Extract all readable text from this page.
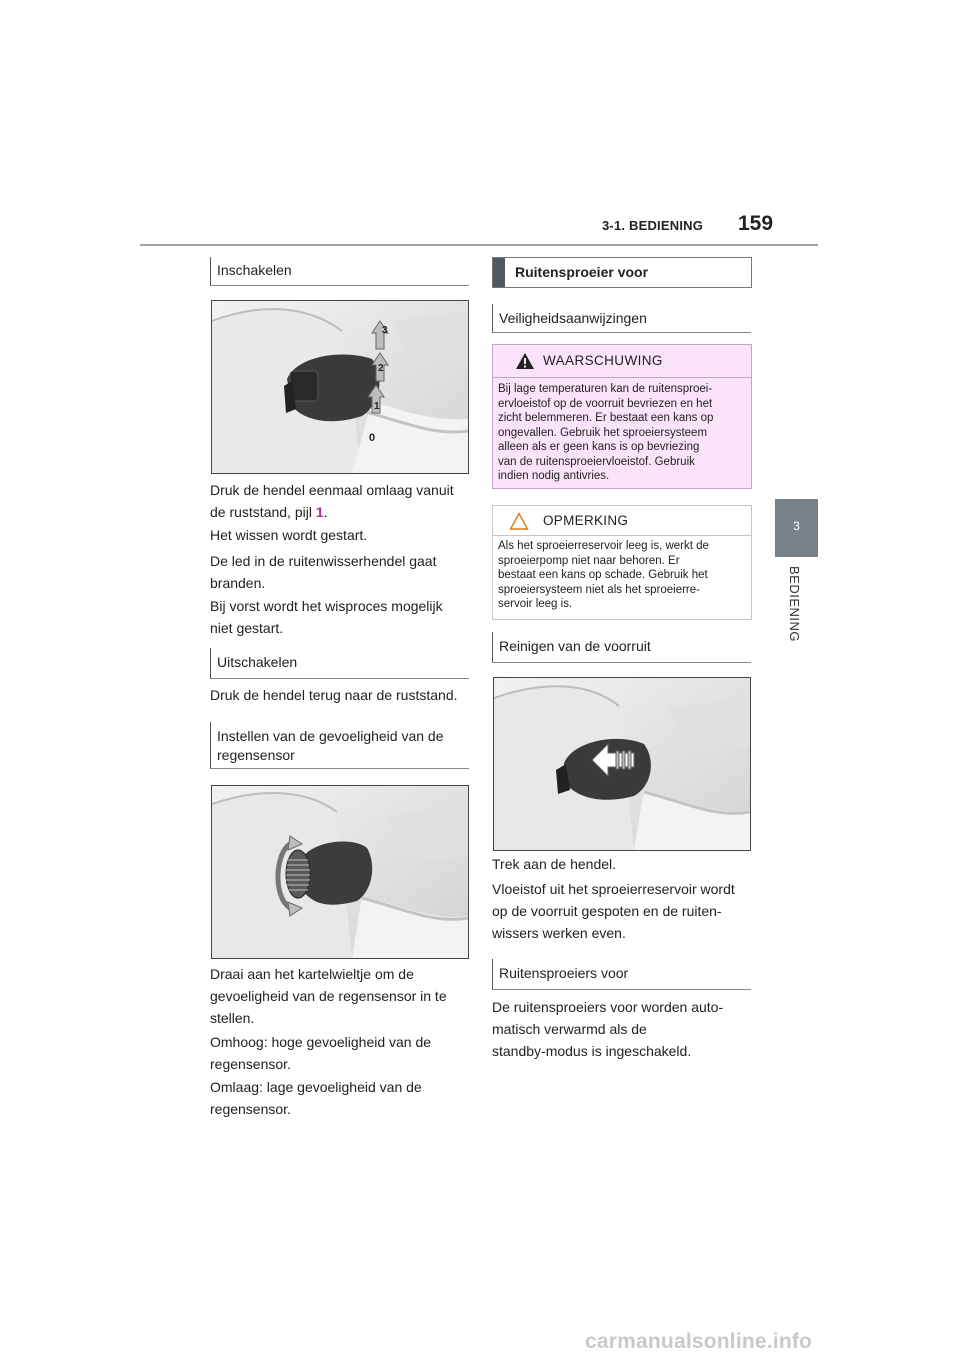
3-1. BEDIENING 159
3
BEDIENING
Inschakelen
3
2
1
0
Druk de hendel eenmaal omlaag vanuit
de ruststand, pijl 1.
Het wissen wordt gestart.
De led in de ruitenwisserhendel gaat
branden.
Bij vorst wordt het wisproces mogelijk
niet gestart.
Uitschakelen
Druk de hendel terug naar de ruststand.
Instellen van de gevoeligheid van de
regensensor
Draai aan het kartelwieltje om de
gevoeligheid van de regensensor in te
stellen.
Omhoog: hoge gevoeligheid van de
regensensor.
Omlaag: lage gevoeligheid van de
regensensor.
Ruitensproeier voor
Veiligheidsaanwijzingen
WAARSCHUWING
Bij lage temperaturen kan de ruitensproei-
ervloeistof op de voorruit bevriezen en het
zicht belemmeren. Er bestaat een kans op
ongevallen. Gebruik het sproeiersysteem
alleen als er geen kans is op bevriezing
van de ruitensproeiervloeistof. Gebruik
indien nodig antivries.
OPMERKING
Als het sproeierreservoir leeg is, werkt de
sproeierpomp niet naar behoren. Er
bestaat een kans op schade. Gebruik het
sproeiersysteem niet als het sproeierre-
servoir leeg is.
Reinigen van de voorruit
Trek aan de hendel.
Vloeistof uit het sproeierreservoir wordt
op de voorruit gespoten en de ruiten-
wissers werken even.
Ruitensproeiers voor
De ruitensproeiers voor worden auto-
matisch verwarmd als de
standby-modus is ingeschakeld.
carmanualsonline.info
